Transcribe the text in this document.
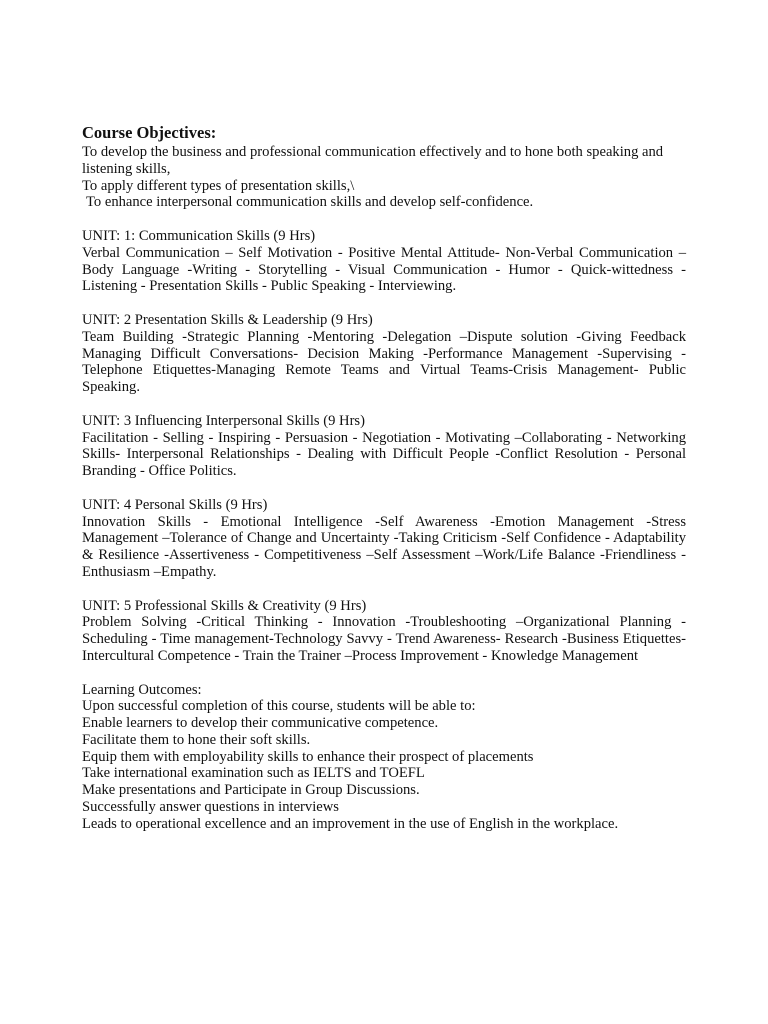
Course Objectives:

To develop the business and professional communication effectively and to hone both speaking and listening skills,

To apply different types of presentation skills,\

To enhance interpersonal communication skills and develop self-confidence.

UNIT: 1: Communication Skills (9 Hrs)

Verbal Communication – Self Motivation - Positive Mental Attitude- Non-Verbal Communication – Body Language -Writing - Storytelling - Visual Communication - Humor - Quick-wittedness - Listening - Presentation Skills - Public Speaking - Interviewing.

UNIT: 2 Presentation Skills & Leadership (9 Hrs)

Team Building -Strategic Planning -Mentoring -Delegation –Dispute solution -Giving Feedback Managing Difficult Conversations- Decision Making -Performance Management -Supervising - Telephone Etiquettes-Managing Remote Teams and Virtual Teams-Crisis Management- Public Speaking.

UNIT: 3 Influencing Interpersonal Skills (9 Hrs)

Facilitation - Selling - Inspiring - Persuasion - Negotiation - Motivating –Collaborating - Networking Skills- Interpersonal Relationships - Dealing with Difficult People -Conflict Resolution - Personal Branding - Office Politics.

UNIT: 4 Personal Skills (9 Hrs)

Innovation Skills - Emotional Intelligence -Self Awareness -Emotion Management -Stress Management –Tolerance of Change and Uncertainty -Taking Criticism -Self Confidence - Adaptability & Resilience -Assertiveness - Competitiveness –Self Assessment –Work/Life Balance -Friendliness -Enthusiasm –Empathy.

UNIT: 5 Professional Skills & Creativity (9 Hrs)

Problem Solving -Critical Thinking - Innovation -Troubleshooting –Organizational Planning - Scheduling - Time management-Technology Savvy - Trend Awareness- Research -Business Etiquettes- Intercultural Competence - Train the Trainer –Process Improvement - Knowledge Management

Learning Outcomes:

Upon successful completion of this course, students will be able to:

Enable learners to develop their communicative competence.

Facilitate them to hone their soft skills.

Equip them with employability skills to enhance their prospect of placements

Take international examination such as IELTS and TOEFL

Make presentations and Participate in Group Discussions.

Successfully answer questions in interviews

Leads to operational excellence and an improvement in the use of English in the workplace.
